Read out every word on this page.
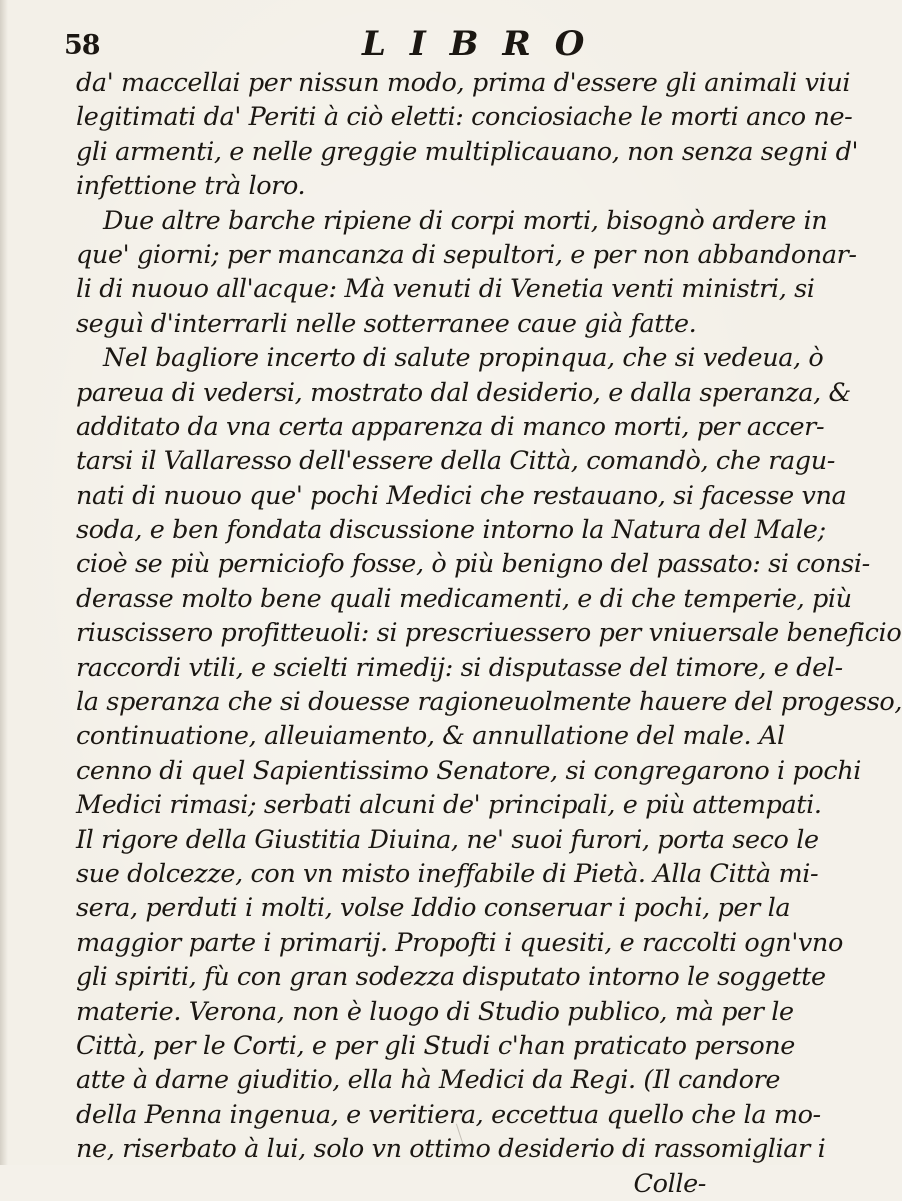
58	LIBRO
da' maccellai per nissun modo, prima d'essere gli animali viui
legitimati da' Periti à ciò eletti: conciosiache le morti anco ne-
gli armenti, e nelle greggie multiplicauano, non senza segni d'
infettione trà loro.
Due altre barche ripiene di corpi morti, bisognò ardere in
que' giorni; per mancanza di sepultori, e per non abbandonar-
li di nuouo all'acque: Mà venuti di Venetia venti ministri, si
seguì d'interrarli nelle sotterranee caue già fatte.
Nel bagliore incerto di salute propinqua, che si vedeua, ò
pareua di vedersi, mostrato dal desiderio, e dalla speranza, &
additato da vna certa apparenza di manco morti, per accer-
tarsi il Vallaresso dell'essere della Città, comandò, che ragu-
nati di nuouo que' pochi Medici che restauano, si facesse vna
soda, e ben fondata discussione intorno la Natura del Male;
cioè se più perniciofo fosse, ò più benigno del passato: si consi-
derasse molto bene quali medicamenti, e di che temperie, più
riuscissero profitteuoli: si prescriuessero per vniuersale beneficio
raccordi vtili, e scielti rimedij: si disputasse del timore, e del-
la speranza che si douesse ragioneuolmente hauere del progesso,
continuatione, alleuiamento, & annullatione del male. Al
cenno di quel Sapientissimo Senatore, si congregarono i pochi
Medici rimasi; serbati alcuni de' principali, e più attempati.
Il rigore della Giustitia Diuina, ne' suoi furori, porta seco le
sue dolcezze, con vn misto ineffabile di Pietà. Alla Città mi-
sera, perduti i molti, volse Iddio conseruar i pochi, per la
maggior parte i primarij. Propofti i quesiti, e raccolti ogn'vno
gli spiriti, fù con gran sodezza disputato intorno le soggette
materie. Verona, non è luogo di Studio publico, mà per le
Città, per le Corti, e per gli Studi c'han praticato persone
atte à darne giuditio, ella hà Medici da Regi. (Il candore
della Penna ingenua, e veritiera, eccettua quello che la mo-
ne, riserbato à lui, solo vn ottimo desiderio di rassomigliar i
Colle-
